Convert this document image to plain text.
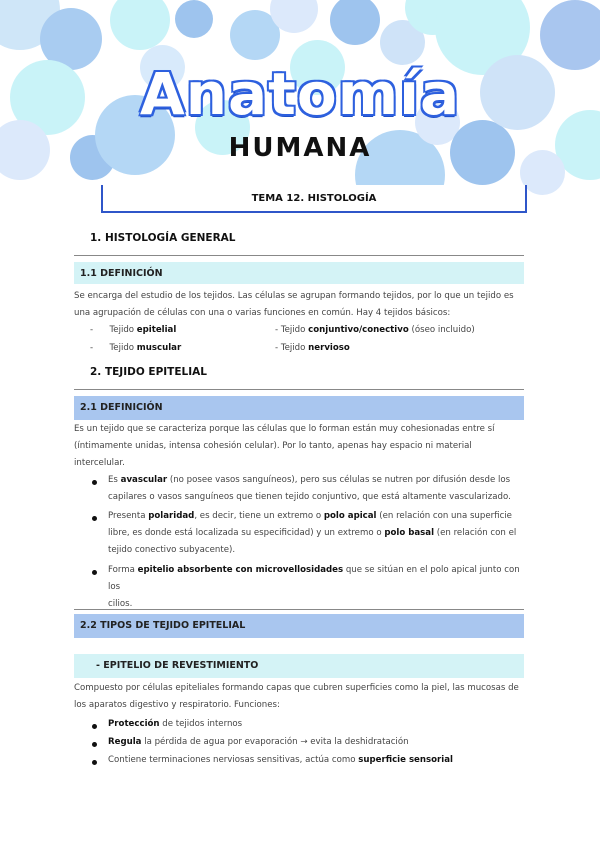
Anatomía
HUMANA
TEMA 12. HISTOLOGÍA
1. HISTOLOGÍA GENERAL
1.1 DEFINICIÓN
Se encarga del estudio de los tejidos. Las células se agrupan formando tejidos, por lo que un tejido es
una agrupación de células con una o varias funciones en común. Hay 4 tejidos básicos:
-      Tejido epitelial	- Tejido conjuntivo/conectivo (óseo incluido)
-      Tejido muscular	- Tejido nervioso
2. TEJIDO EPITELIAL
2.1 DEFINICIÓN
Es un tejido que se caracteriza porque las células que lo forman están muy cohesionadas entre sí
(íntimamente unidas, intensa cohesión celular). Por lo tanto, apenas hay espacio ni material
intercelular.
Es avascular (no posee vasos sanguíneos), pero sus células se nutren por difusión desde los
capilares o vasos sanguíneos que tienen tejido conjuntivo, que está altamente vascularizado.
Presenta polaridad, es decir, tiene un extremo o polo apical (en relación con una superficie
libre, es donde está localizada su especificidad) y un extremo o polo basal (en relación con el
tejido conectivo subyacente).
Forma epitelio absorbente con microvellosidades que se sitúan en el polo apical junto con los
cilios.
2.2 TIPOS DE TEJIDO EPITELIAL
- EPITELIO DE REVESTIMIENTO
Compuesto por células epiteliales formando capas que cubren superficies como la piel, las mucosas de
los aparatos digestivo y respiratorio. Funciones:
Protección de tejidos internos
Regula la pérdida de agua por evaporación → evita la deshidratación
Contiene terminaciones nerviosas sensitivas, actúa como superficie sensorial
